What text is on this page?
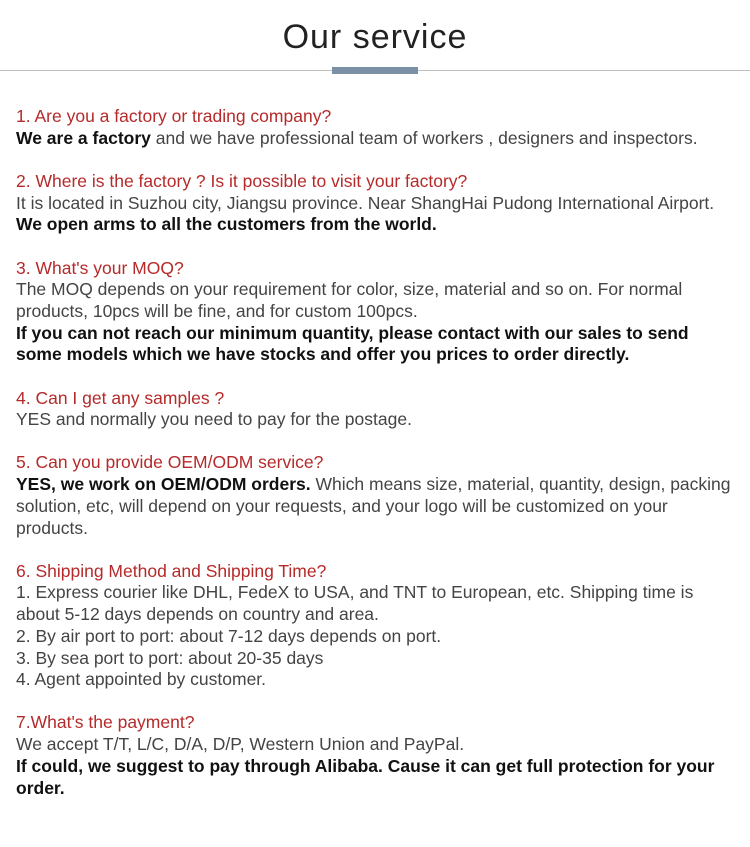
Our service

1. Are you a factory or trading company?

We are a factory and we have professional team of workers , designers and inspectors.

2. Where is the factory ? Is it possible to visit your factory?

It is located in Suzhou city, Jiangsu province. Near ShangHai Pudong International Airport. We open arms to all the customers from the world.

3. What's your MOQ?

The MOQ depends on your requirement for color, size, material and so on. For normal products, 10pcs will be fine, and for custom 100pcs.

If you can not reach our minimum quantity, please contact with our sales to send some models which we have stocks and offer you prices to order directly.

4. Can I get any samples ?

YES and normally you need to pay for the postage.

5. Can you provide OEM/ODM service?

YES, we work on OEM/ODM orders. Which means size, material, quantity, design, packing solution, etc, will depend on your requests, and your logo will be customized on your products.

6. Shipping Method and Shipping Time?

1. Express courier like DHL, FedeX to USA, and TNT to European, etc. Shipping time is about 5-12 days depends on country and area.

2. By air port to port: about 7-12 days depends on port.

3. By sea port to port: about 20-35 days

4. Agent appointed by customer.

7.What's the payment?

We accept T/T, L/C, D/A, D/P, Western Union and PayPal.

If could, we suggest to pay through Alibaba. Cause it can get full protection for your order.
